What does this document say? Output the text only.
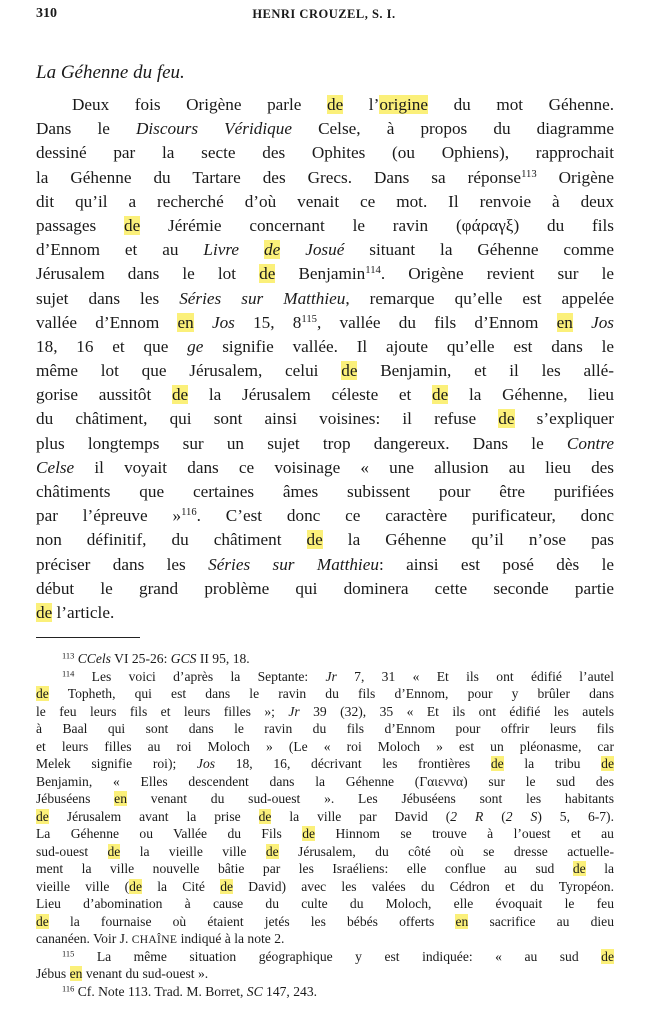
310	HENRI CROUZEL, S. I.
La Géhenne du feu.
Deux fois Origène parle de l’origine du mot Géhenne.
Dans le Discours Véridique Celse, à propos du diagramme
dessiné par la secte des Ophites (ou Ophiens), rapprochait
la Géhenne du Tartare des Grecs. Dans sa réponse$^{113}$ Origène
dit qu’il a recherché d’où venait ce mot. Il renvoie à deux
passages de Jérémie concernant le ravin (φάραγξ) du fils
d’Ennom et au Livre de Josué situant la Géhenne comme
Jérusalem dans le lot de Benjamin$^{114}$. Origène revient sur le
sujet dans les Séries sur Matthieu, remarque qu’elle est appelée
vallée d’Ennom en Jos 15, $8^{115}$, vallée du fils d’Ennom en Jos
18, 16 et que ge signifie vallée. Il ajoute qu’elle est dans le
même lot que Jérusalem, celui de Benjamin, et il les allé-
gorise aussitôt de la Jérusalem céleste et de la Géhenne, lieu
du châtiment, qui sont ainsi voisines: il refuse de s’expliquer
plus longtemps sur un sujet trop dangereux. Dans le Contre
Celse il voyait dans ce voisinage « une allusion au lieu des
châtiments que certaines âmes subissent pour être purifiées
par l’épreuve »$^{116}$. C’est donc ce caractère purificateur, donc
non définitif, du châtiment de la Géhenne qu’il n’ose pas
préciser dans les Séries sur Matthieu: ainsi est posé dès le
début le grand problème qui dominera cette seconde partie
de l’article.
$^{113}$ CCels VI 25-26: GCS II 95, 18.
$^{114}$ Les voici d’après la Septante: Jr 7, 31 « Et ils ont édifié l’autel
de Topheth, qui est dans le ravin du fils d’Ennom, pour y brûler dans
le feu leurs fils et leurs filles »; Jr 39 (32), 35 « Et ils ont édifié les autels
à Baal qui sont dans le ravin du fils d’Ennom pour offrir leurs fils
et leurs filles au roi Moloch » (Le « roi Moloch » est un pléonasme, car
Melek signifie roi); Jos 18, 16, décrivant les frontières de la tribu de
Benjamin, « Elles descendent dans la Géhenne (Γαιεννα) sur le sud des
Jébuséens en venant du sud-ouest ». Les Jébuséens sont les habitants
de Jérusalem avant la prise de la ville par David (2 R (2 S) 5, 6-7).
La Géhenne ou Vallée du Fils de Hinnom se trouve à l’ouest et au
sud-ouest de la vieille ville de Jérusalem, du côté où se dresse actuelle-
ment la ville nouvelle bâtie par les Israéliens: elle conflue au sud de la
vieille ville (de la Cité de David) avec les valées du Cédron et du Tyropéon.
Lieu d’abomination à cause du culte du Moloch, elle évoquait le feu
de la fournaise où étaient jetés les bébés offerts en sacrifice au dieu
cananéen. Voir J. CHAÎNE indiqué à la note 2.
$^{115}$ La même situation géographique y est indiquée: « au sud de
Jébus en venant du sud-ouest ».
$^{116}$ Cf. Note 113. Trad. M. Borret, SC 147, 243.
